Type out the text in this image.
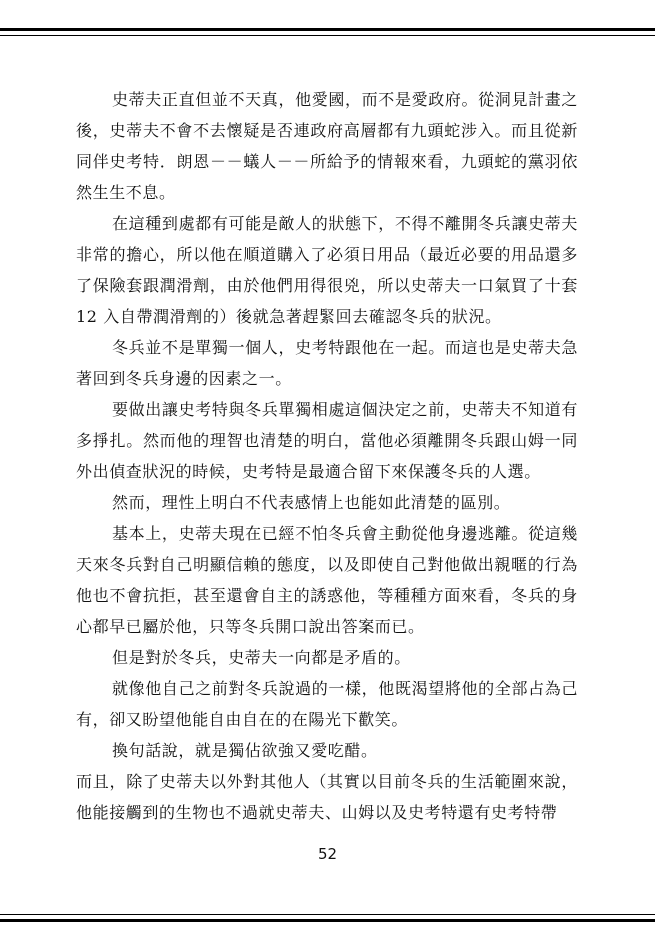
史蒂夫正直但並不天真，他愛國，而不是愛政府。從洞見計畫之後，史蒂夫不會不去懷疑是否連政府高層都有九頭蛇涉入。而且從新同伴史考特．朗恩－－蟻人－－所給予的情報來看，九頭蛇的黨羽依然生生不息。

在這種到處都有可能是敵人的狀態下，不得不離開冬兵讓史蒂夫非常的擔心，所以他在順道購入了必須日用品（最近必要的用品還多了保險套跟潤滑劑，由於他們用得很兇，所以史蒂夫一口氣買了十套 12 入自帶潤滑劑的）後就急著趕緊回去確認冬兵的狀況。

冬兵並不是單獨一個人，史考特跟他在一起。而這也是史蒂夫急著回到冬兵身邊的因素之一。

要做出讓史考特與冬兵單獨相處這個決定之前，史蒂夫不知道有多掙扎。然而他的理智也清楚的明白，當他必須離開冬兵跟山姆一同外出偵查狀況的時候，史考特是最適合留下來保護冬兵的人選。

然而，理性上明白不代表感情上也能如此清楚的區別。

基本上，史蒂夫現在已經不怕冬兵會主動從他身邊逃離。從這幾天來冬兵對自己明顯信賴的態度，以及即使自己對他做出親暱的行為他也不會抗拒，甚至還會自主的誘惑他，等種種方面來看，冬兵的身心都早已屬於他，只等冬兵開口說出答案而已。

但是對於冬兵，史蒂夫一向都是矛盾的。

就像他自己之前對冬兵說過的一樣，他既渴望將他的全部占為己有，卻又盼望他能自由自在的在陽光下歡笑。

換句話說，就是獨佔欲強又愛吃醋。

而且，除了史蒂夫以外對其他人（其實以目前冬兵的生活範圍來說，他能接觸到的生物也不過就史蒂夫、山姆以及史考特還有史考特帶

52
